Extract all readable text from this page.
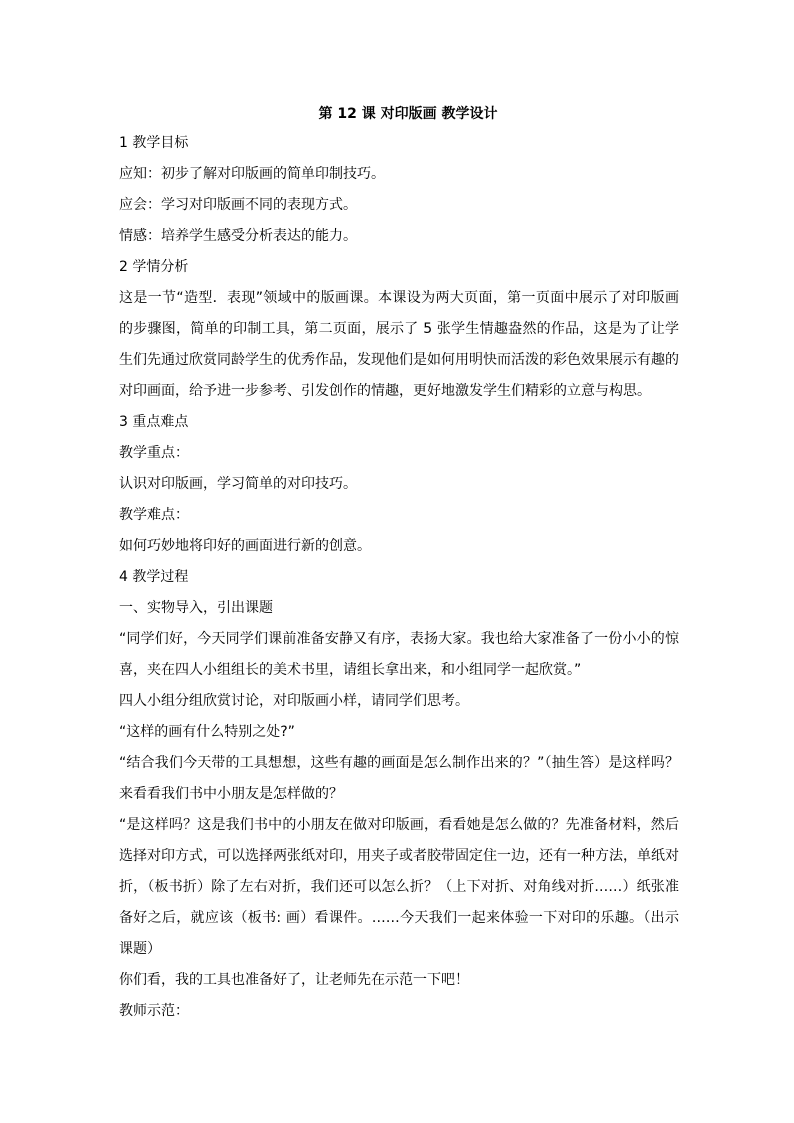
第 12 课 对印版画 教学设计

1 教学目标

应知：初步了解对印版画的简单印制技巧。

应会：学习对印版画不同的表现方式。

情感：培养学生感受分析表达的能力。

2 学情分析

这是一节“造型．表现”领域中的版画课。本课设为两大页面，第一页面中展示了对印版画的步骤图，简单的印制工具，第二页面，展示了 5 张学生情趣盎然的作品，这是为了让学生们先通过欣赏同龄学生的优秀作品，发现他们是如何用明快而活泼的彩色效果展示有趣的对印画面，给予进一步参考、引发创作的情趣，更好地激发学生们精彩的立意与构思。

3 重点难点

教学重点：

认识对印版画，学习简单的对印技巧。

教学难点：

如何巧妙地将印好的画面进行新的创意。

4 教学过程

一、实物导入，引出课题

“同学们好，今天同学们课前准备安静又有序，表扬大家。我也给大家准备了一份小小的惊喜，夹在四人小组组长的美术书里，请组长拿出来，和小组同学一起欣赏。”

四人小组分组欣赏讨论，对印版画小样，请同学们思考。

“这样的画有什么特别之处?”

“结合我们今天带的工具想想，这些有趣的画面是怎么制作出来的？”（抽生答）是这样吗？来看看我们书中小朋友是怎样做的？

“是这样吗？这是我们书中的小朋友在做对印版画，看看她是怎么做的？先准备材料，然后选择对印方式，可以选择两张纸对印，用夹子或者胶带固定住一边，还有一种方法，单纸对折，（板书折）除了左右对折，我们还可以怎么折？（上下对折、对角线对折……）纸张准备好之后，就应该（板书: 画）看课件。……今天我们一起来体验一下对印的乐趣。（出示课题）

你们看，我的工具也准备好了，让老师先在示范一下吧！

教师示范：
